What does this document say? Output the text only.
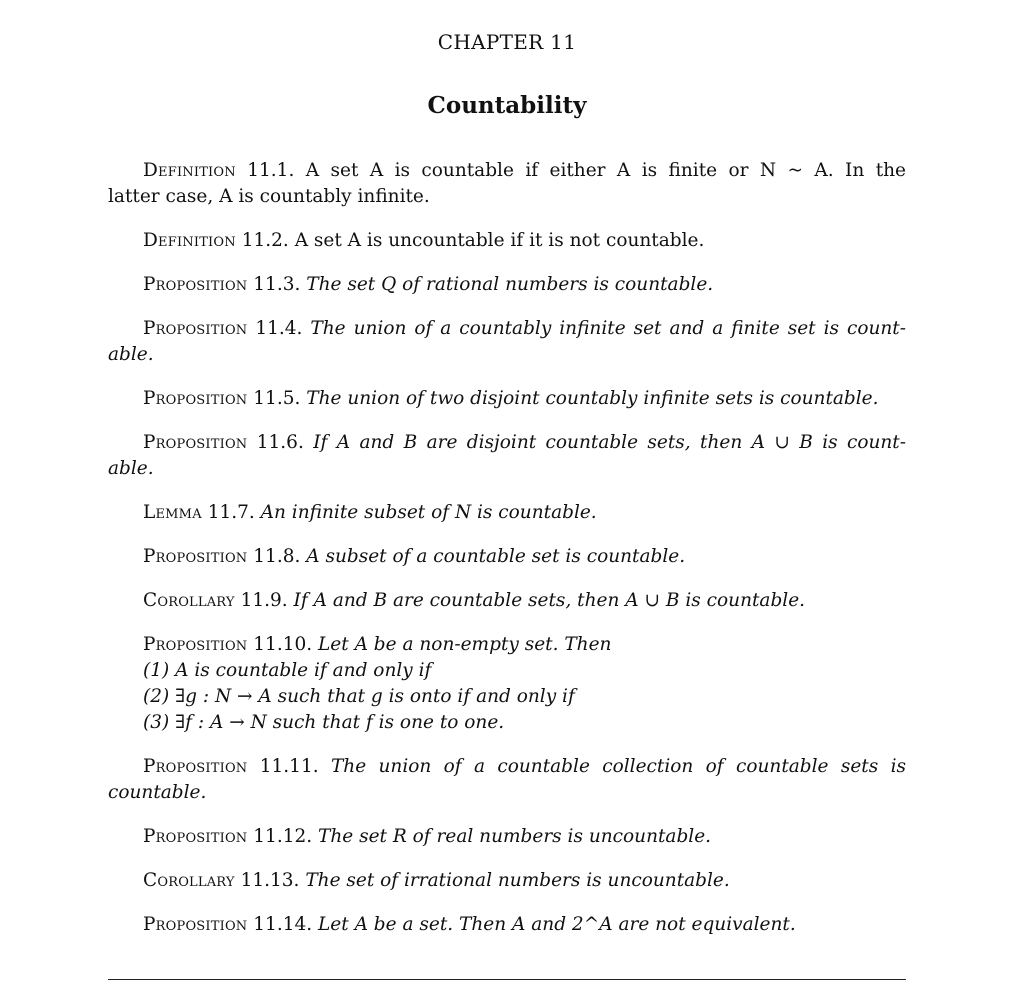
CHAPTER 11
Countability
Definition 11.1. A set A is countable if either A is finite or N ~ A. In the
latter case, A is countably infinite.
Definition 11.2. A set A is uncountable if it is not countable.
Proposition 11.3. The set Q of rational numbers is countable.
Proposition 11.4. The union of a countably infinite set and a finite set is count-
able.
Proposition 11.5. The union of two disjoint countably infinite sets is countable.
Proposition 11.6. If A and B are disjoint countable sets, then A ∪ B is count-
able.
Lemma 11.7. An infinite subset of N is countable.
Proposition 11.8. A subset of a countable set is countable.
Corollary 11.9. If A and B are countable sets, then A ∪ B is countable.
Proposition 11.10. Let A be a non-empty set. Then
(1) A is countable if and only if
(2) ∃g : N → A such that g is onto if and only if
(3) ∃f : A → N such that f is one to one.
Proposition 11.11. The union of a countable collection of countable sets is
countable.
Proposition 11.12. The set R of real numbers is uncountable.
Corollary 11.13. The set of irrational numbers is uncountable.
Proposition 11.14. Let A be a set. Then A and 2^A are not equivalent.
